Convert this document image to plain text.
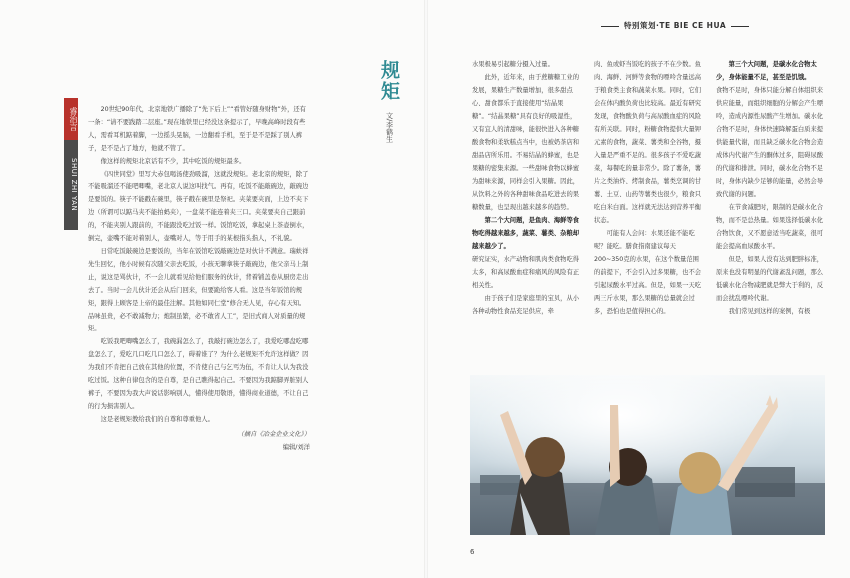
睿治言
SHUI ZHI YAN

20世纪90年代，北京地铁广播除了“先下后上”“看管好随身财物”外，还有一条：“请不要践踏二层座。”现在地铁里已经没这条提示了，早晚高峰时段有些人，需看耳机踮着脚，一边摇头晃脑，一边翻看手机，至于是不是踩了别人裤子，是不是占了地方，他就不管了。

像这样的规矩北京话有不少，其中吃饭的规矩最多。

《四世同堂》里写大赤包喝汤使劲吸溜，这就没规矩。老北京的规矩，除了不能吸溜还不能吧唧嘴，老北京人说这叫找气。再有，吃饭不能敲碗边，敲碗边是要饭的。筷子不能戳在碗里，筷子戳在碗里是祭祀。夹菜要夹面，上边不夹下边（所谓可以踮马夹不能拍蚂夹），一盘菜不能连着夹三口。夹菜要夹自己跟前的，不能夹别人跟前的，不能跟没吃过饭一样。饭馆吃饭，拿起桌上茶壶倒水，倒完，壶嘴不能对着别人，壶嘴对人，等于用手的某根指头指人，不礼貌。

日常吃饭敲碗边是要饭的，当年在饭馆吃饭敲碗边是对伙计不满意。瑞蚨祥先生回忆，他小时候有次随父亲去吃饭，小孩无聊拿筷子敲碗边，他父亲马上制止，说这是骂伙计，不一会儿就看见给他们服务的伙计，背着铺盖卷从厨房走出去了。当时一会儿伙计还会从后门回来，但要跪给客人看。这是当年饭馆的规矩，跟得上顾客是上帝的最佳注解。其他如同仁堂“修合无人见，存心有天知。品味虽贵，必不敢减物力；炮制虽繁，必不敢省人工”，是旧式商人对质量的规矩。

吃饭我吧唧嘴怎么了，我碗漏怎么了，我敲打碗边怎么了，我爱吃哪盘吃哪盘怎么了，爱吃几口吃几口怎么了，碍着谁了？为什么老规矩不允许这样做？因为我们不肯把自己放在其他的位置，不肯使自己与乞丐为伍，不肯让人认为我没吃过饭。这种自律包含的是自尊，是自己瞧得起自己。不要因为我踮脚弄脏别人裤子，不要因为我大声说话影响别人，懂得使用敬语，懂得商业道德，不让自己的行为损害别人。

这是老规矩教给我们的自尊和尊重他人。

（摘自《冶金企业文化》）

编辑/刘洋

规矩
文/李鹤生
特别策划·TE BIE CE HUA

水果极易引起糖分摄入过量。

此外，近年来，由于蔗糖糖工业的发展，果糖生产数量增加，很多甜点心、甜食都乐于直接使用“结晶果糖”。“结晶果糖”具有良好的吸湿性，又有宜人的清甜味，能很快进入各种糖酸食物和柔软糕点当中，也被奶茶店和甜品店所乐用。不易结晶的蜂蜜，也是果糖的密集来源。一些甜味食物以蜂蜜为甜味来源，同样会引入果糖。因此，从饮料之外的各种甜味食品吃进去的果糖数量，也呈现出越来越多的趋势。

第二个大问题，是鱼肉、海鲜等食物吃得越来越多，蔬菜、薯类、杂粮却越来越少了。

研究证实，水产动物和肌肉类食物吃得太多，和高尿酸血症和痛风的风险有正相关性。

由于孩子们是家庭里的宝贝，从小各种动物性食品充足供应，牵

肉、鱼或虾当饭吃的孩子不在少数。鱼肉、海鲜、河鲜等食物的嘌呤含量远高于粮食类主食和蔬菜水果。同时，它们会在体内酸负荷也比较高。最近有研究发现，食物酸负荷与高尿酸血症的风险有所关联。同时，粉糖食物提供大量钾元素的食物，蔬菜、薯类和全谷物，摄入量是严重不足的。很多孩子不爱吃蔬菜，每餐吃的量非常少。除了薯条，薯片之类油炸、烤制食品，薯类烹调的甘薯、土豆、山药等薯类也很少，粮食只吃白米白面。这样就无法达到营养平衡状态。

可能有人会问：水果还能不能吃呢？能吃。膳食指南建议每天200~350克的水果，在这个数量范围的前提下，不会引入过多果糖，也不会引起尿酸水平过高。但是，如果一天吃两三斤水果，那么果糖的总量就会过多，恐怕也是值得担心的。

第三个大问题，是碳水化合物太少，身体能量不足，甚至是饥饿。

食物不足时，身体只能分解自体组织来供应能量，而组织细胞的分解会产生嘌呤，造成内源性尿酸产生增加。碳水化合物不足时，身体快速降解蛋白质来提供能量代谢，而且缺乏碳水化合物会造成体内代谢产生的酮体过多，阻碍尿酸的代谢和排泄。同时，碳水化合物不足时，身体内缺少足够的能量，必然会导致代谢的问题。

在节食减肥时，限制的是碳水化合物，而不是总热量。如果选择低碳水化合物饮食，又不愿意适当吃蔬菜，很可能会提高血尿酸水平。

但是，如果人没有达到肥胖标准，原来也没有明显的代谢紊乱问题，那么低碳水化合物减肥就是弊大于利的，反而会扰乱嘌呤代谢。

我们常见到这样的案例，有极

6
